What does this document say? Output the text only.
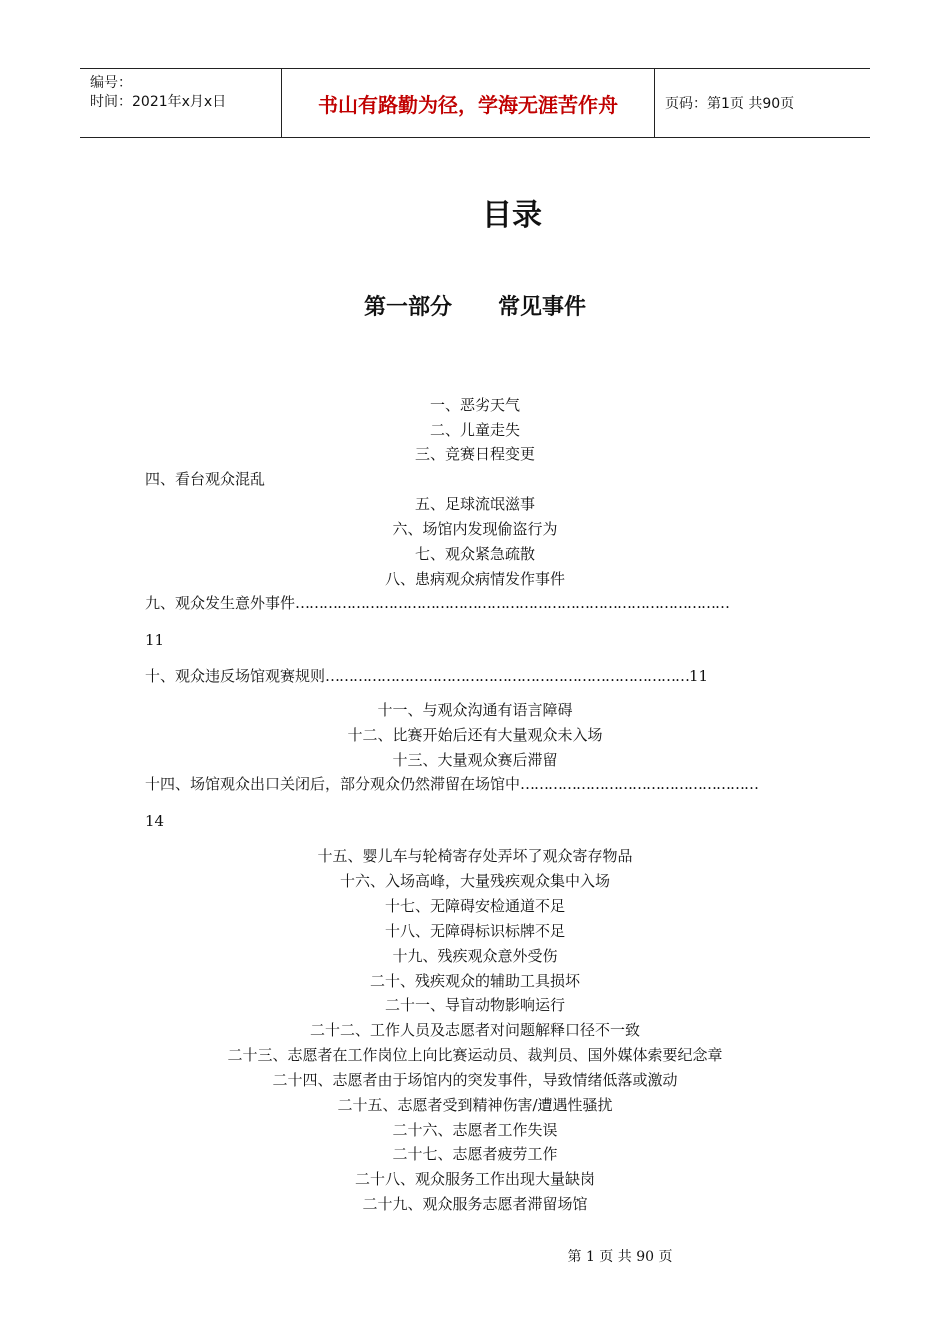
编号：
时间：2021年x月x日	书山有路勤为径，学海无涯苦作舟	页码：第1页 共90页
目录
第一部分      常见事件
一、恶劣天气
二、儿童走失
三、竞赛日程变更
四、看台观众混乱
五、足球流氓滋事
六、场馆内发现偷盗行为
七、观众紧急疏散
八、患病观众病情发作事件
九、观众发生意外事件…………………………………………………………………………………
11
十、观众违反场馆观赛规则……………………………………………………………………11
十一、与观众沟通有语言障碍
十二、比赛开始后还有大量观众未入场
十三、大量观众赛后滞留
十四、场馆观众出口关闭后，部分观众仍然滞留在场馆中……………………………………………
14
十五、婴儿车与轮椅寄存处弄坏了观众寄存物品
十六、入场高峰，大量残疾观众集中入场
十七、无障碍安检通道不足
十八、无障碍标识标牌不足
十九、残疾观众意外受伤
二十、残疾观众的辅助工具损坏
二十一、导盲动物影响运行
二十二、工作人员及志愿者对问题解释口径不一致
二十三、志愿者在工作岗位上向比赛运动员、裁判员、国外媒体索要纪念章
二十四、志愿者由于场馆内的突发事件，导致情绪低落或激动
二十五、志愿者受到精神伤害/遭遇性骚扰
二十六、志愿者工作失误
二十七、志愿者疲劳工作
二十八、观众服务工作出现大量缺岗
二十九、观众服务志愿者滞留场馆
第 1 页 共 90 页
